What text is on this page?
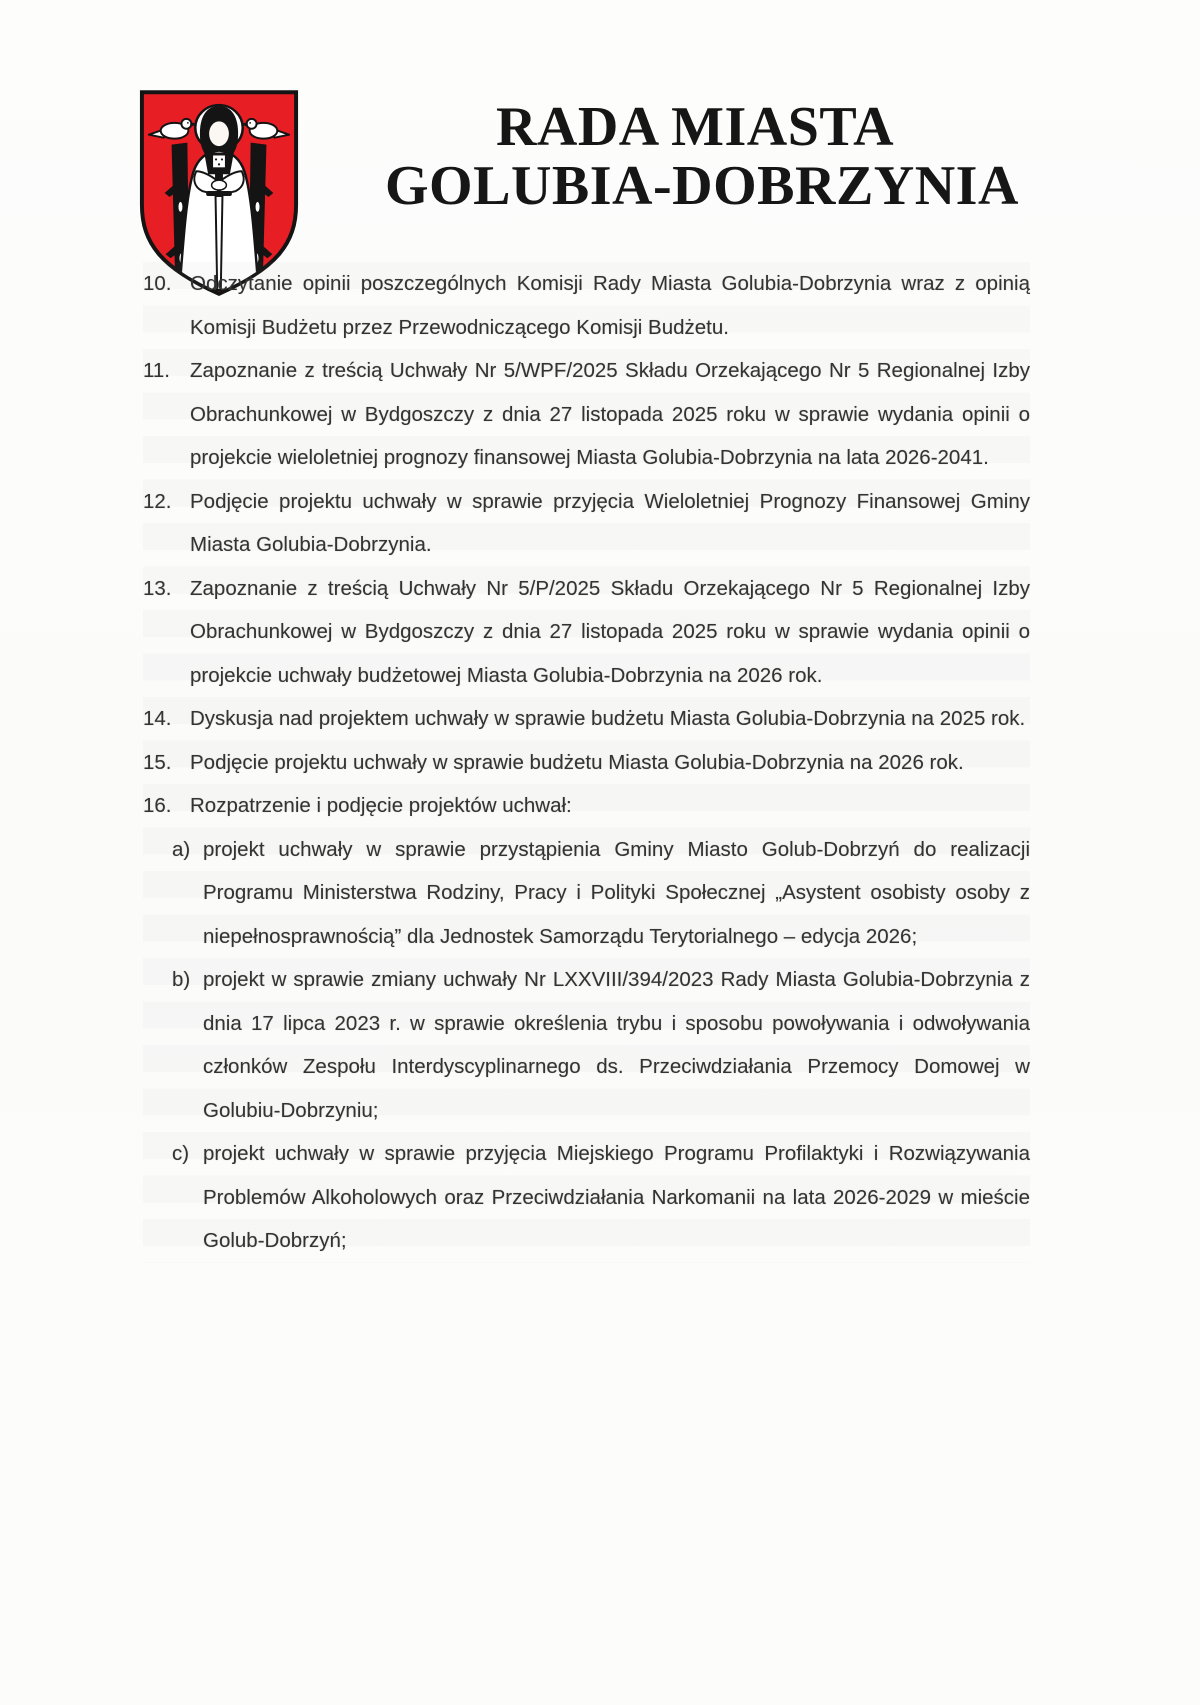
RADA MIASTA
GOLUBIA-DOBRZYNIA
10. Odczytanie opinii poszczególnych Komisji Rady Miasta Golubia-Dobrzynia wraz z opinią Komisji Budżetu przez Przewodniczącego Komisji Budżetu.
11. Zapoznanie z treścią Uchwały Nr 5/WPF/2025 Składu Orzekającego Nr 5 Regionalnej Izby Obrachunkowej w Bydgoszczy z dnia 27 listopada 2025 roku w sprawie wydania opinii o projekcie wieloletniej prognozy finansowej Miasta Golubia-Dobrzynia na lata 2026-2041.
12. Podjęcie projektu uchwały w sprawie przyjęcia Wieloletniej Prognozy Finansowej Gminy Miasta Golubia-Dobrzynia.
13. Zapoznanie z treścią Uchwały Nr 5/P/2025 Składu Orzekającego Nr 5 Regionalnej Izby Obrachunkowej w Bydgoszczy z dnia 27 listopada 2025 roku w sprawie wydania opinii o projekcie uchwały budżetowej Miasta Golubia-Dobrzynia na 2026 rok.
14. Dyskusja nad projektem uchwały w sprawie budżetu Miasta Golubia-Dobrzynia na 2025 rok.
15. Podjęcie projektu uchwały w sprawie budżetu Miasta Golubia-Dobrzynia na 2026 rok.
16. Rozpatrzenie i podjęcie projektów uchwał:
a) projekt uchwały w sprawie przystąpienia Gminy Miasto Golub-Dobrzyń do realizacji Programu Ministerstwa Rodziny, Pracy i Polityki Społecznej „Asystent osobisty osoby z niepełnosprawnością” dla Jednostek Samorządu Terytorialnego – edycja 2026;
b) projekt w sprawie zmiany uchwały Nr LXXVIII/394/2023 Rady Miasta Golubia-Dobrzynia z dnia 17 lipca 2023 r. w sprawie określenia trybu i sposobu powoływania i odwoływania członków Zespołu Interdyscyplinarnego ds. Przeciwdziałania Przemocy Domowej w Golubiu-Dobrzyniu;
c) projekt uchwały w sprawie przyjęcia Miejskiego Programu Profilaktyki i Rozwiązywania Problemów Alkoholowych oraz Przeciwdziałania Narkomanii na lata 2026-2029 w mieście Golub-Dobrzyń;
